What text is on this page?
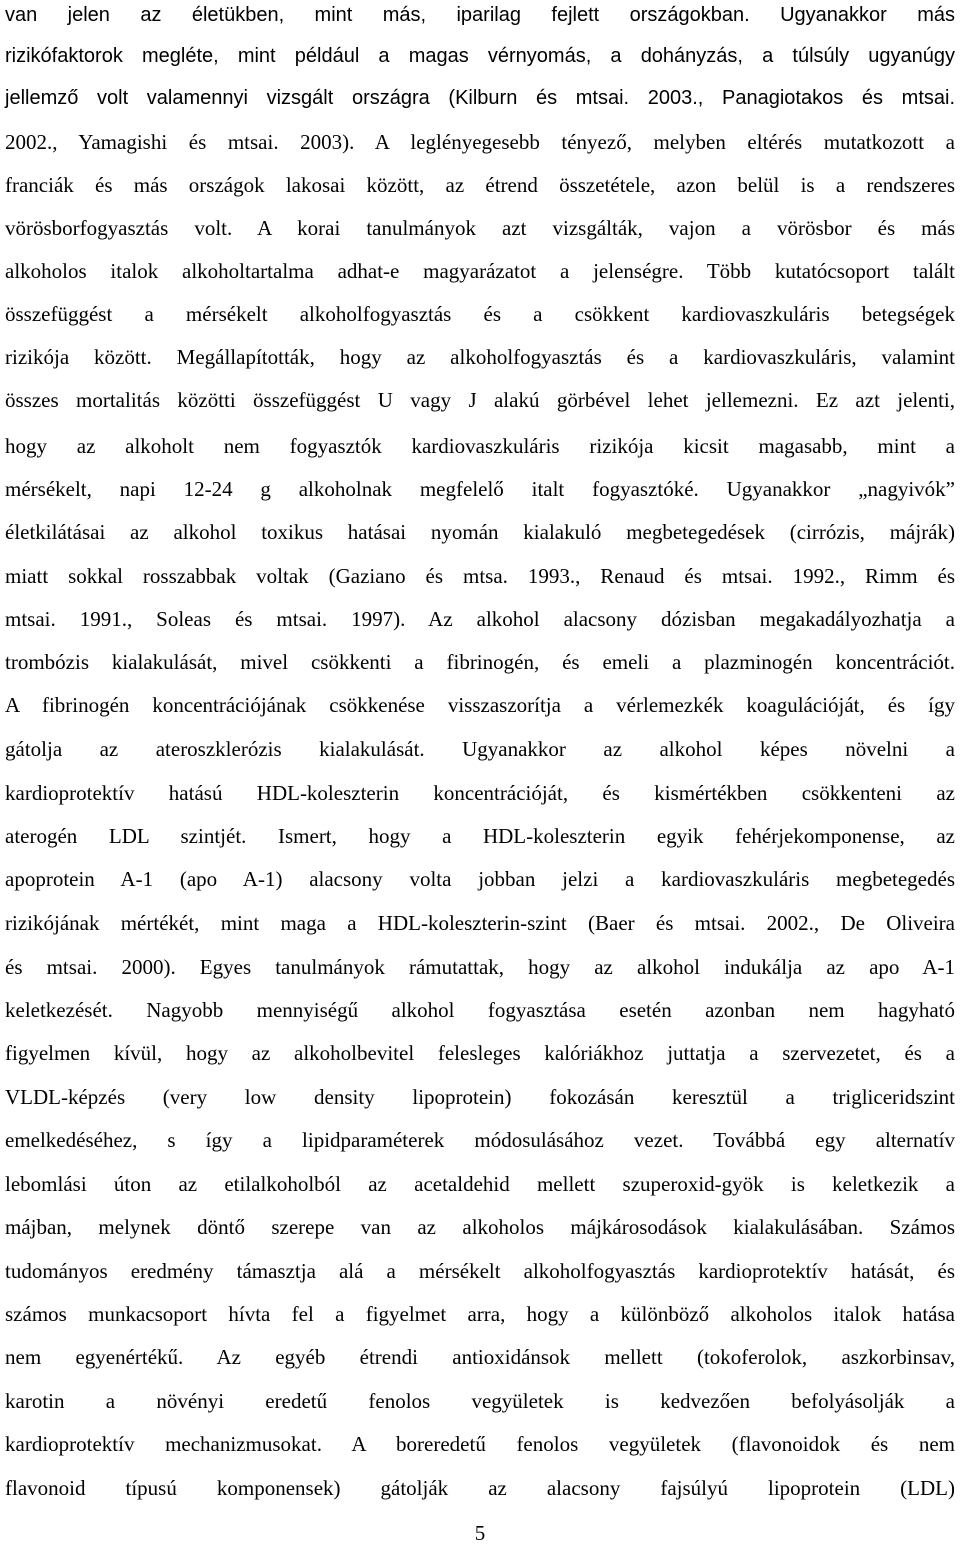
van jelen az életükben, mint más, iparilag fejlett országokban. Ugyanakkor más
rizikófaktorok megléte, mint például a magas vérnyomás, a dohányzás, a túlsúly ugyanúgy
jellemző volt valamennyi vizsgált országra (Kilburn és mtsai. 2003., Panagiotakos és mtsai.
2002., Yamagishi és mtsai. 2003). A leglényegesebb tényező, melyben eltérés mutatkozott a
franciák és más országok lakosai között, az étrend összetétele, azon belül is a rendszeres
vörösborfogyasztás volt. A korai tanulmányok azt vizsgálták, vajon a vörösbor és más
alkoholos italok alkoholtartalma adhat-e magyarázatot a jelenségre. Több kutatócsoport talált
összefüggést a mérsékelt alkoholfogyasztás és a csökkent kardiovaszkuláris betegségek
rizikója között. Megállapították, hogy az alkoholfogyasztás és a kardiovaszkuláris, valamint
összes mortalitás közötti összefüggést U vagy J alakú görbével lehet jellemezni. Ez azt jelenti,
hogy az alkoholt nem fogyasztók kardiovaszkuláris rizikója kicsit magasabb, mint a
mérsékelt, napi 12-24 g alkoholnak megfelelő italt fogyasztóké. Ugyanakkor „nagyivók”
életkilátásai az alkohol toxikus hatásai nyomán kialakuló megbetegedések (cirrózis, májrák)
miatt sokkal rosszabbak voltak (Gaziano és mtsa. 1993., Renaud és mtsai. 1992., Rimm és
mtsai. 1991., Soleas és mtsai. 1997). Az alkohol alacsony dózisban megakadályozhatja a
trombózis kialakulását, mivel csökkenti a fibrinogén, és emeli a plazminogén koncentrációt.
A fibrinogén koncentrációjának csökkenése visszaszorítja a vérlemezkék koagulációját, és így
gátolja az ateroszklerózis kialakulását. Ugyanakkor az alkohol képes növelni a
kardioprotektív hatású HDL-koleszterin koncentrációját, és kismértékben csökkenteni az
aterogén LDL szintjét. Ismert, hogy a HDL-koleszterin egyik fehérjekomponense, az
apoprotein A-1 (apo A-1) alacsony volta jobban jelzi a kardiovaszkuláris megbetegedés
rizikójának mértékét, mint maga a HDL-koleszterin-szint (Baer és mtsai. 2002., De Oliveira
és mtsai. 2000). Egyes tanulmányok rámutattak, hogy az alkohol indukálja az apo A-1
keletkezését. Nagyobb mennyiségű alkohol fogyasztása esetén azonban nem hagyható
figyelmen kívül, hogy az alkoholbevitel felesleges kalóriákhoz juttatja a szervezetet, és a
VLDL-képzés (very low density lipoprotein) fokozásán keresztül a trigliceridszint
emelkedéséhez, s így a lipidparaméterek módosulásához vezet. Továbbá egy alternatív
lebomlási úton az etilalkoholból az acetaldehid mellett szuperoxid-gyök is keletkezik a
májban, melynek döntő szerepe van az alkoholos májkárosodások kialakulásában. Számos
tudományos eredmény támasztja alá a mérsékelt alkoholfogyasztás kardioprotektív hatását, és
számos munkacsoport hívta fel a figyelmet arra, hogy a különböző alkoholos italok hatása
nem egyenértékű. Az egyéb étrendi antioxidánsok mellett (tokoferolok, aszkorbinsav,
karotin a növényi eredetű fenolos vegyületek is kedvezően befolyásolják a
kardioprotektív mechanizmusokat. A boreredetű fenolos vegyületek (flavonoidok és nem
flavonoid típusú komponensek) gátolják az alacsony fajsúlyú lipoprotein (LDL)
5
